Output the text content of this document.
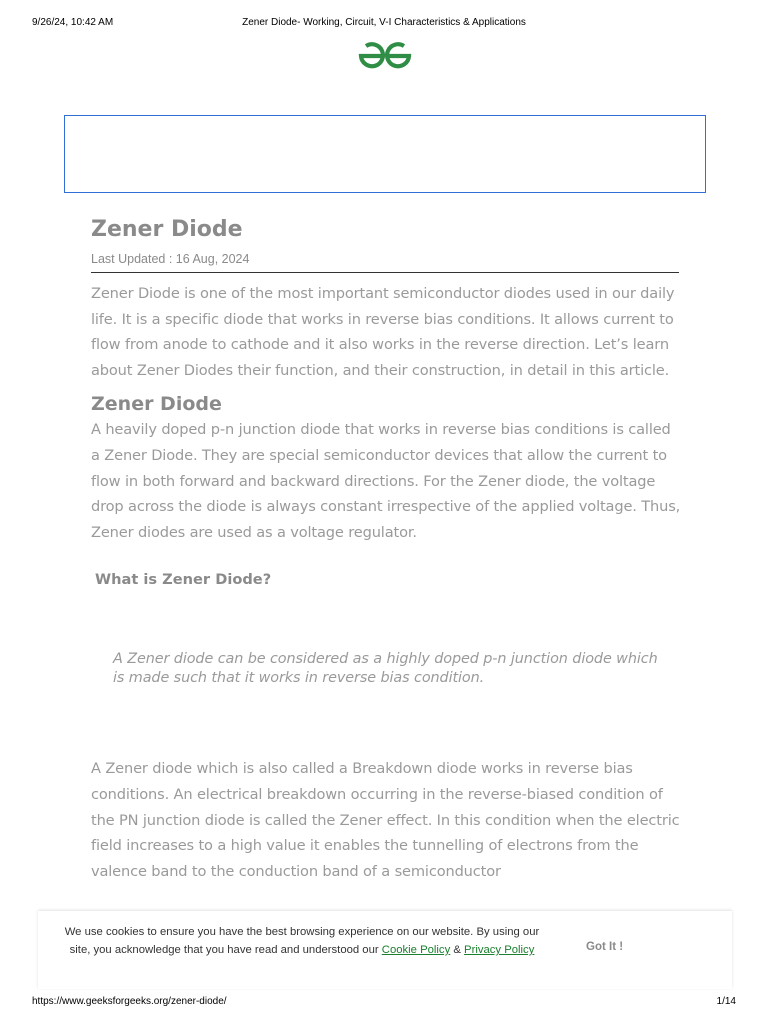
9/26/24, 10:42 AM	Zener Diode- Working, Circuit, V-I Characteristics & Applications
Zener Diode
Last Updated : 16 Aug, 2024

Zener Diode is one of the most important semiconductor diodes used in our daily life. It is a specific diode that works in reverse bias conditions. It allows current to flow from anode to cathode and it also works in the reverse direction. Let’s learn about Zener Diodes their function, and their construction, in detail in this article.

Zener Diode

A heavily doped p-n junction diode that works in reverse bias conditions is called a Zener Diode. They are special semiconductor devices that allow the current to flow in both forward and backward directions. For the Zener diode, the voltage drop across the diode is always constant irrespective of the applied voltage. Thus, Zener diodes are used as a voltage regulator.

What is Zener Diode?

A Zener diode can be considered as a highly doped p-n junction diode which is made such that it works in reverse bias condition.

A Zener diode which is also called a Breakdown diode works in reverse bias conditions. An electrical breakdown occurring in the reverse-biased condition of the PN junction diode is called the Zener effect. In this condition when the electric field increases to a high value it enables the tunnelling of electrons from the valence band to the conduction band of a semiconductor

We use cookies to ensure you have the best browsing experience on our website. By using our site, you acknowledge that you have read and understood our Cookie Policy & Privacy Policy	Got It !
https://www.geeksforgeeks.org/zener-diode/	1/14
